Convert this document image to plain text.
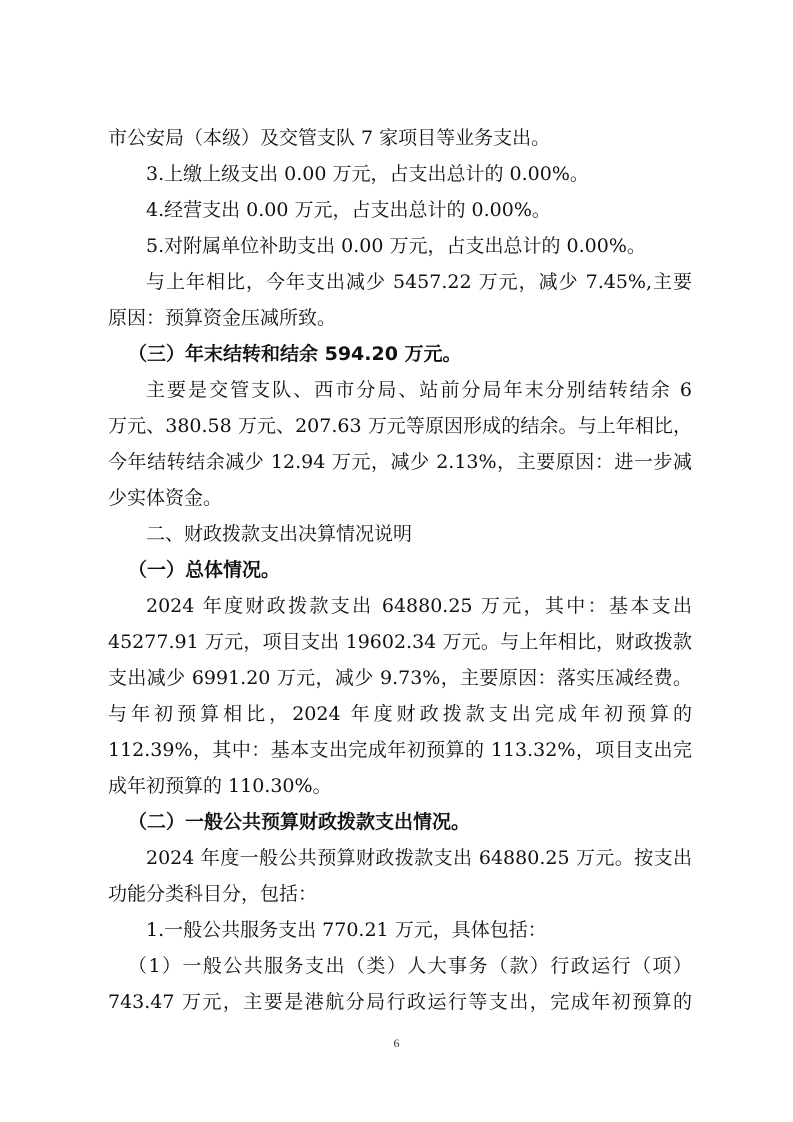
市公安局（本级）及交管支队 7 家项目等业务支出。
3.上缴上级支出 0.00 万元，占支出总计的 0.00%。
4.经营支出 0.00 万元，占支出总计的 0.00%。
5.对附属单位补助支出 0.00 万元，占支出总计的 0.00%。
与上年相比，今年支出减少 5457.22 万元，减少 7.45%,主要
原因：预算资金压减所致。
（三）年末结转和结余 594.20 万元。
主要是交管支队、西市分局、站前分局年末分别结转结余 6
万元、380.58 万元、207.63 万元等原因形成的结余。与上年相比，
今年结转结余减少 12.94 万元，减少 2.13%，主要原因：进一步减
少实体资金。
二、财政拨款支出决算情况说明
（一）总体情况。
2024 年度财政拨款支出 64880.25 万元，其中：基本支出
45277.91 万元，项目支出 19602.34 万元。与上年相比，财政拨款
支出减少 6991.20 万元，减少 9.73%，主要原因：落实压减经费。
与年初预算相比，2024 年度财政拨款支出完成年初预算的
112.39%，其中：基本支出完成年初预算的 113.32%，项目支出完
成年初预算的 110.30%。
（二）一般公共预算财政拨款支出情况。
2024 年度一般公共预算财政拨款支出 64880.25 万元。按支出
功能分类科目分，包括：
1.一般公共服务支出 770.21 万元，具体包括：
（1）一般公共服务支出（类）人大事务（款）行政运行（项）
743.47 万元，主要是港航分局行政运行等支出，完成年初预算的
6
